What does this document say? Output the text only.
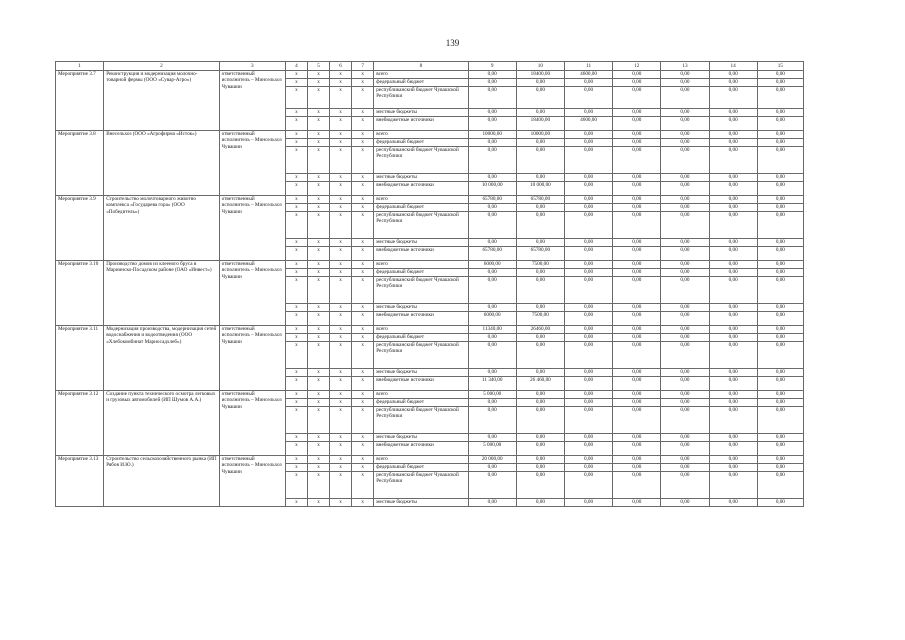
139
1	2	3	4	5	6	7	8	9	10	11	12	13	14	15
Мероприятие 3.7	Реконструкция и модернизация молочно-товарной фермы (ООО «Сувар-Агро»)	ответственный исполнитель – Минсельхоз Чувашии	x	x	x	x	всего	0,00	18400,00	4600,00	0,00	0,00	0,00	0,00
			x	x	x	x	федеральный бюджет	0,00	0,00	0,00	0,00	0,00	0,00	0,00
			x	x	x	x	республиканский бюджет Чувашской Республики	0,00	0,00	0,00	0,00	0,00	0,00	0,00
			x	x	x	x	местные бюджеты	0,00	0,00	0,00	0,00	0,00	0,00	0,00
			x	x	x	x	внебюджетные источники	0,00	18400,00	4600,00	0,00	0,00	0,00	0,00
Мероприятие 3.8	Внесельхоз (ООО «Агрофирма «Исток»)	ответственный исполнитель – Минсельхоз Чувашии	x	x	x	x	всего	10000,00	10000,00	0,00	0,00	0,00	0,00	0,00
			x	x	x	x	федеральный бюджет	0,00	0,00	0,00	0,00	0,00	0,00	0,00
			x	x	x	x	республиканский бюджет Чувашской Республики	0,00	0,00	0,00	0,00	0,00	0,00	0,00
			x	x	x	x	местные бюджеты	0,00	0,00	0,00	0,00	0,00	0,00	0,00
			x	x	x	x	внебюджетные источники	10 000,00	10 000,00	0,00	0,00	0,00	0,00	0,00
Мероприятие 3.9	Строительство молочтоварного животно комплекса «Государева гора» (ООО «Победитель»)	ответственный исполнитель – Минсельхоз Чувашии	x	x	x	x	всего	65780,00	65780,00	0,00	0,00	0,00	0,00	0,00
			x	x	x	x	федеральный бюджет	0,00	0,00	0,00	0,00	0,00	0,00	0,00
			x	x	x	x	республиканский бюджет Чувашской Республики	0,00	0,00	0,00	0,00	0,00	0,00	0,00
			x	x	x	x	местные бюджеты	0,00	0,00	0,00	0,00	0,00	0,00	0,00
			x	x	x	x	внебюджетные источники	65780,00	65780,00	0,00	0,00	0,00	0,00	0,00
Мероприятие 3.10	Производство домов из клееного бруса в Мариинско-Посадском районе (ОАО «Инвест»)	ответственный исполнитель – Минсельхоз Чувашии	x	x	x	x	всего	6000,00	7500,00	0,00	0,00	0,00	0,00	0,00
			x	x	x	x	федеральный бюджет	0,00	0,00	0,00	0,00	0,00	0,00	0,00
			x	x	x	x	республиканский бюджет Чувашской Республики	0,00	0,00	0,00	0,00	0,00	0,00	0,00
			x	x	x	x	местные бюджеты	0,00	0,00	0,00	0,00	0,00	0,00	0,00
			x	x	x	x	внебюджетные источники	6000,00	7500,00	0,00	0,00	0,00	0,00	0,00
Мероприятие 3.11	Модернизация производства, модернизация сетей водоснабжения и водоотведения (ООО «Хлебокомбинат Мариосадхлеб»)	ответственный исполнитель – Минсельхоз Чувашии	x	x	x	x	всего	11340,00	26460,00	0,00	0,00	0,00	0,00	0,00
			x	x	x	x	федеральный бюджет	0,00	0,00	0,00	0,00	0,00	0,00	0,00
			x	x	x	x	республиканский бюджет Чувашской Республики	0,00	0,00	0,00	0,00	0,00	0,00	0,00
			x	x	x	x	местные бюджеты	0,00	0,00	0,00	0,00	0,00	0,00	0,00
			x	x	x	x	внебюджетные источники	11 340,00	26 460,00	0,00	0,00	0,00	0,00	0,00
Мероприятие 3.12	Создание пункта технического осмотра легковых и грузовых автомобилей (ИП Шумов А.А.)	ответственный исполнитель – Минсельхоз Чувашии	x	x	x	x	всего	5 000,00	0,00	0,00	0,00	0,00	0,00	0,00
			x	x	x	x	федеральный бюджет	0,00	0,00	0,00	0,00	0,00	0,00	0,00
			x	x	x	x	республиканский бюджет Чувашской Республики	0,00	0,00	0,00	0,00	0,00	0,00	0,00
			x	x	x	x	местные бюджеты	0,00	0,00	0,00	0,00	0,00	0,00	0,00
			x	x	x	x	внебюджетные источники	5 000,00	0,00	0,00	0,00	0,00	0,00	0,00
Мероприятие 3.13	Строительство сельскохозяйственного рынка (ИП Рябов И.Ю.)	ответственный исполнитель – Минсельхоз Чувашии	x	x	x	x	всего	20 000,00	0,00	0,00	0,00	0,00	0,00	0,00
			x	x	x	x	федеральный бюджет	0,00	0,00	0,00	0,00	0,00	0,00	0,00
			x	x	x	x	республиканский бюджет Чувашской Республики	0,00	0,00	0,00	0,00	0,00	0,00	0,00
			x	x	x	x	местные бюджеты	0,00	0,00	0,00	0,00	0,00	0,00	0,00
